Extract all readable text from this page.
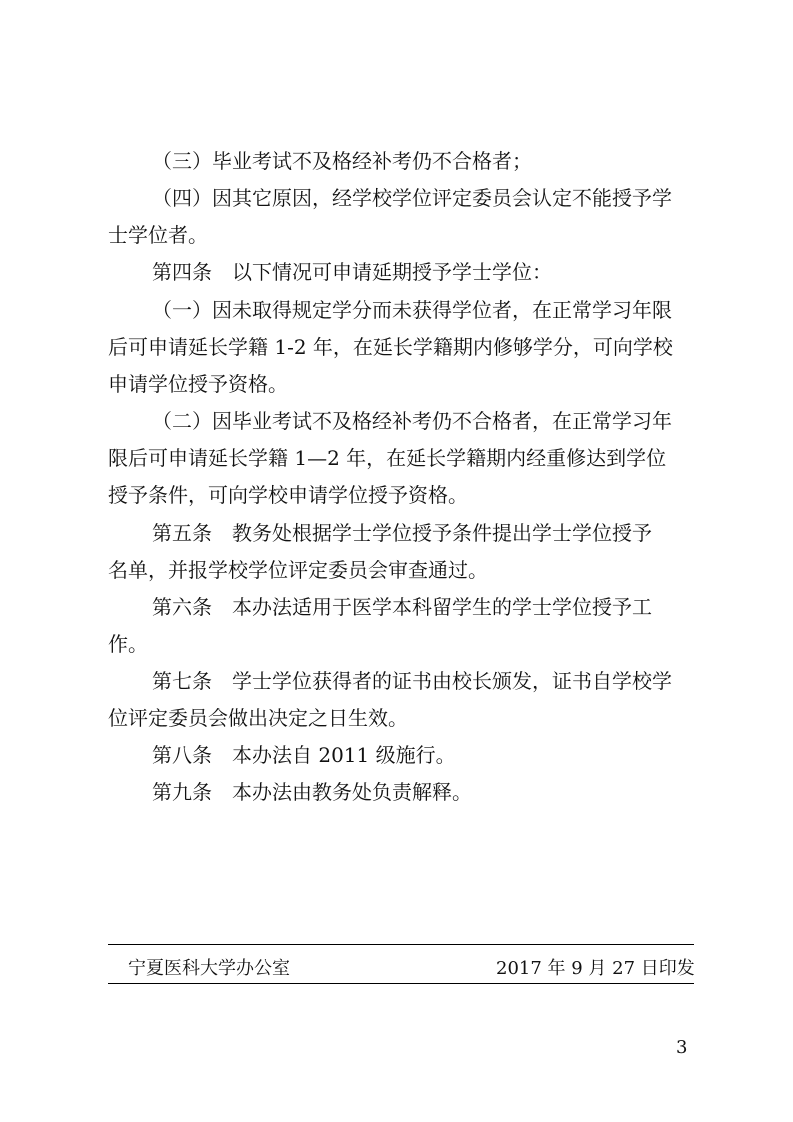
（三）毕业考试不及格经补考仍不合格者；
（四）因其它原因，经学校学位评定委员会认定不能授予学
士学位者。
第四条　以下情况可申请延期授予学士学位：
（一）因未取得规定学分而未获得学位者，在正常学习年限
后可申请延长学籍 1-2 年，在延长学籍期内修够学分，可向学校
申请学位授予资格。
（二）因毕业考试不及格经补考仍不合格者，在正常学习年
限后可申请延长学籍 1—2 年，在延长学籍期内经重修达到学位
授予条件，可向学校申请学位授予资格。
第五条　教务处根据学士学位授予条件提出学士学位授予
名单，并报学校学位评定委员会审查通过。
第六条　本办法适用于医学本科留学生的学士学位授予工
作。
第七条　学士学位获得者的证书由校长颁发，证书自学校学
位评定委员会做出决定之日生效。
第八条　本办法自 2011 级施行。
第九条　本办法由教务处负责解释。
宁夏医科大学办公室	2017 年 9 月 27 日印发
3
